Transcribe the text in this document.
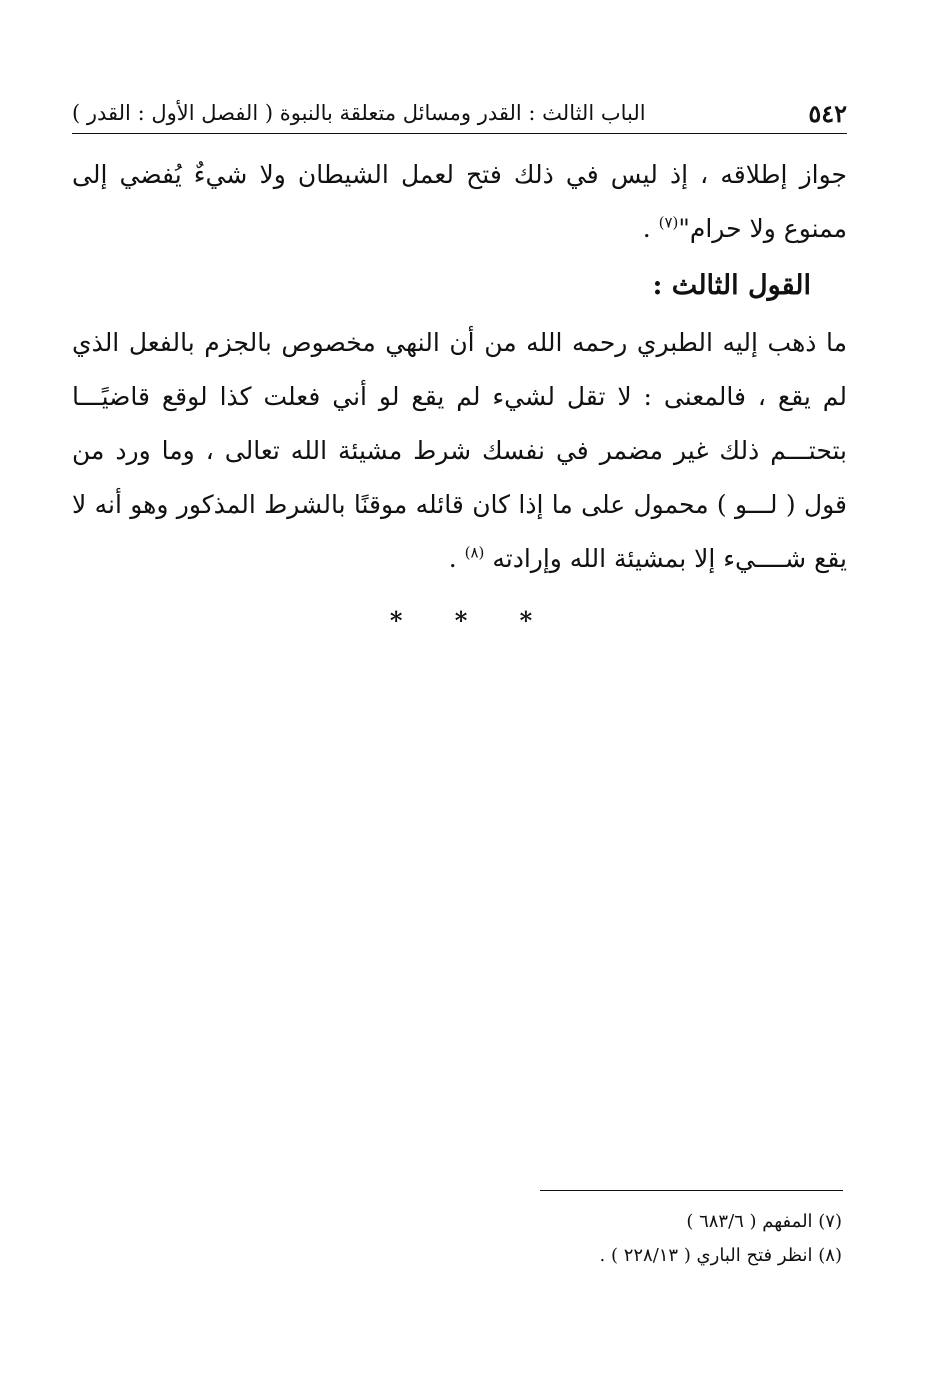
٥٤٢
الباب الثالث : القدر ومسائل متعلقة بالنبوة ( الفصل الأول : القدر )

جواز إطلاقه ، إذ ليس في ذلك فتح لعمل الشيطان ولا شيءٌ يُفضي إلى ممنوع ولا حرام"$^{(٧)}$ .

القول الثالث :

ما ذهب إليه الطبري رحمه الله من أن النهي مخصوص بالجزم بالفعل الذي لم يقع ، فالمعنى : لا تقل لشيء لم يقع لو أني فعلت كذا لوقع قاضيًـــا بتحتـــم ذلك غير مضمر في نفسك شرط مشيئة الله تعالى ، وما ورد من قول ( لـــو ) محمول على ما إذا كان قائله موقنًا بالشرط المذكور وهو أنه لا يقع شــــيء إلا بمشيئة الله وإرادته $^{(٨)}$ .

* * *

(٧) المفهم ( ٦٨٣/٦ )

(٨) انظر فتح الباري ( ٢٢٨/١٣ ) .
